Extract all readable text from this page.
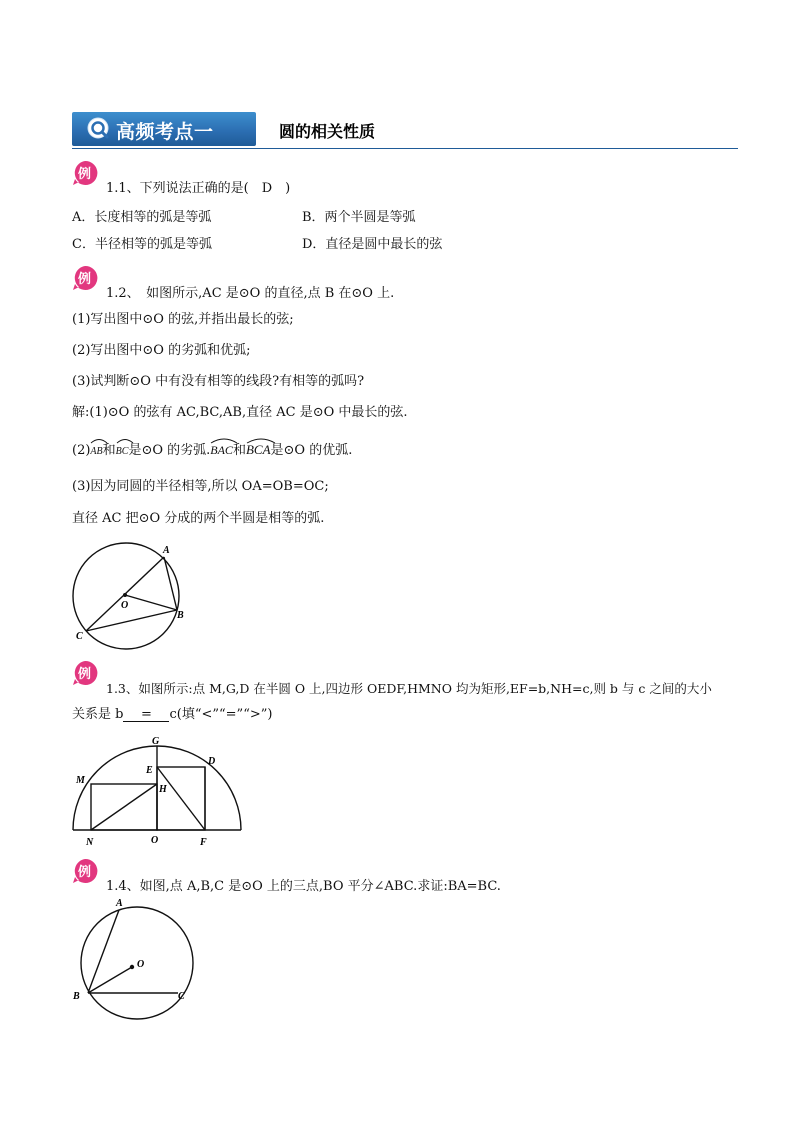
高频考点一	圆的相关性质
例
1.1、下列说法正确的是(　D　)
A．长度相等的弧是等弧	B．两个半圆是等弧
C．半径相等的弧是等弧	D．直径是圆中最长的弦
例
1.2、　如图所示,AC 是⊙O 的直径,点 B 在⊙O 上.
(1)写出图中⊙O 的弦,并指出最长的弦;
(2)写出图中⊙O 的劣弧和优弧;
(3)试判断⊙O 中有没有相等的线段?有相等的弧吗?
解:(1)⊙O 的弦有 AC,BC,AB,直径 AC 是⊙O 中最长的弦.
(2)
AB和
BC是⊙O 的劣弧.
BAC和
BCA是⊙O 的优弧.
(3)因为同圆的半径相等,所以 OA=OB=OC;
直径 AC 把⊙O 分成的两个半圆是相等的弧.
A
B
C
O
例
1.3、如图所示:点 M,G,D 在半圆 O 上,四边形 OEDF,HMNO 均为矩形,EF=b,NH=c,则 b 与 c 之间的大小
关系是 b = c(填“<”“=”“>”)
G
D
M
E
H
N	O	F
例
1.4、如图,点 A,B,C 是⊙O 上的三点,BO 平分∠ABC.求证:BA=BC.
A
O
B	C
